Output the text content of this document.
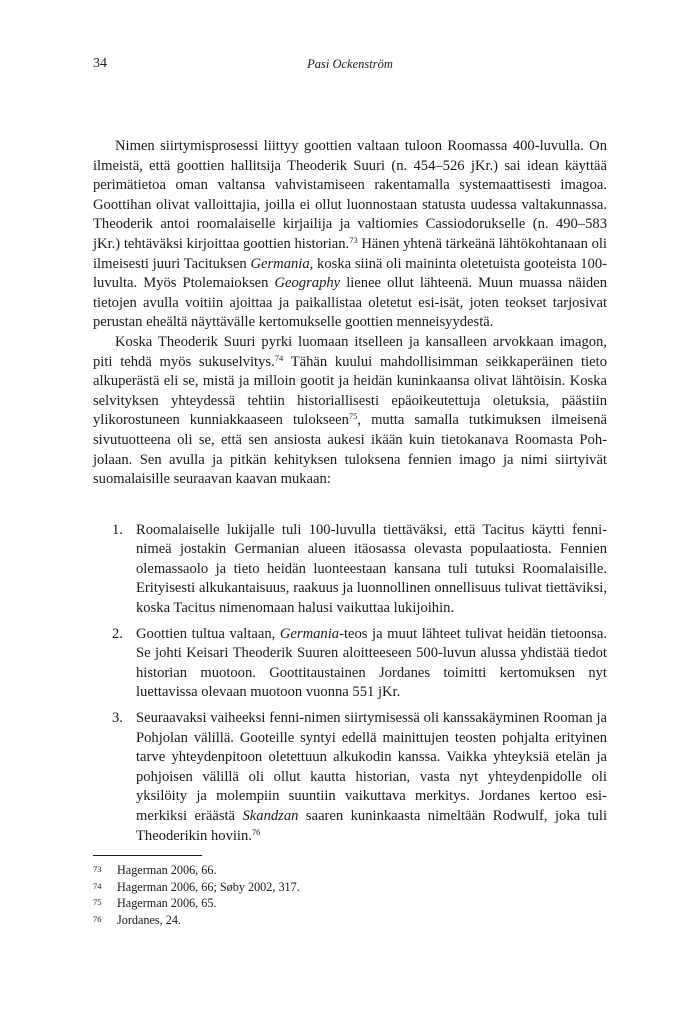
34	Pasi Ockenström

Nimen siirtymisprosessi liittyy goottien valtaan tuloon Roomassa 400-luvulla. On ilmeistä, että goottien hallitsija Theoderik Suuri (n. 454–526 jKr.) sai idean käyttää perimätietoa oman valtansa vahvistamiseen rakentamalla systemaattisesti imagoa. Goottihan olivat valloittajia, joilla ei ollut luonnostaan statusta uudessa valtakunnassa. Theoderik antoi roomalaiselle kirjailija ja valtiomies Cassiodorukselle (n. 490–583 jKr.) tehtäväksi kirjoittaa goottien historian.$^{73}$ Hänen yhtenä tärkeänä lähtökohtanaan oli ilmeisesti juuri Tacituksen Germania, koska siinä oli maininta oletetuista gooteista 100-luvulta. Myös Ptolemaioksen Geography lienee ollut lähteenä. Muun muassa näiden tietojen avulla voitiin ajoittaa ja paikallistaa oletetut esi-isät, joten teokset tarjosivat perustan eheältä näyttävälle kertomukselle goottien menneisyydestä.

Koska Theoderik Suuri pyrki luomaan itselleen ja kansalleen arvokkaan imagon, piti tehdä myös sukuselvitys.$^{74}$ Tähän kuului mahdollisimman seikkaperäinen tieto alkuperästä eli se, mistä ja milloin gootit ja heidän kuninkaansa olivat lähtöisin. Koska selvityksen yhteydessä tehtiin historiallisesti epäoikeutettuja oletuksia, päästiin ylikorostuneen kunniakkaaseen tulokseen$^{75}$, mutta samalla tutkimuksen ilmeisenä sivutuotteena oli se, että sen ansiosta aukesi ikään kuin tietokanava Roomasta Pohjolaan. Sen avulla ja pitkän kehityksen tuloksena fennien imago ja nimi siirtyivät suomalaisille seuraavan kaavan mukaan:

1. Roomalaiselle lukijalle tuli 100-luvulla tiettäväksi, että Tacitus käytti fenni-nimeä jostakin Germanian alueen itäosassa olevasta populaatiosta. Fennien olemassaolo ja tieto heidän luonteestaan kansana tuli tutuksi Roomalaisille. Erityisesti alkukantaisuus, raakuus ja luonnollinen onnellisuus tulivat tiettäviksi, koska Tacitus nimenomaan halusi vaikuttaa lukijoihin.
2. Goottien tultua valtaan, Germania-teos ja muut lähteet tulivat heidän tietoonsa. Se johti Keisari Theoderik Suuren aloitteeseen 500-luvun alussa yhdistää tiedot historian muotoon. Goottitaustainen Jordanes toimitti kertomuksen nyt luettavissa olevaan muotoon vuonna 551 jKr.
3. Seuraavaksi vaiheeksi fenni-nimen siirtymisessä oli kanssakäyminen Rooman ja Pohjolan välillä. Gooteille syntyi edellä mainittujen teosten pohjalta erityinen tarve yhteydenpitoon oletettuun alkukodin kanssa. Vaikka yhteyksiä etelän ja pohjoisen välillä oli ollut kautta historian, vasta nyt yhteydenpidolle oli yksilöity ja molempiin suuntiin vaikuttava merkitys. Jordanes kertoo esimerkiksi eräästä Skandzan saaren kuninkaasta nimeltään Rodwulf, joka tuli Theoderikin hoviin.$^{76}$
73 Hagerman 2006, 66.
74 Hagerman 2006, 66; Søby 2002, 317.
75 Hagerman 2006, 65.
76 Jordanes, 24.
